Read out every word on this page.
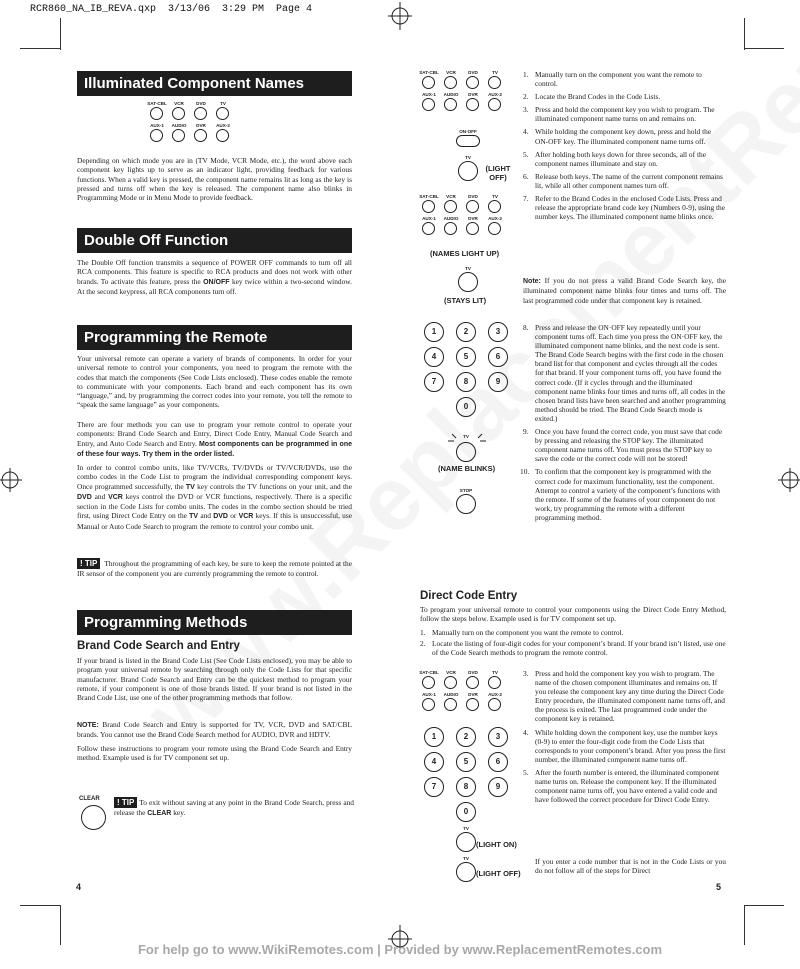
RCR860_NA_IB_REVA.qxp  3/13/06  3:29 PM  Page 4
Illuminated Component Names
SAT-CBL	VCR	DVD	TV
AUX-1	AUDIO	DVR	AUX-2

Depending on which mode you are in (TV Mode, VCR Mode, etc.), the word above each component key lights up to serve as an indicator light, providing feedback for various functions. When a valid key is pressed, the component name remains lit as long as the key is pressed and turns off when the key is released. The component name also blinks in Programming Mode or in Menu Mode to provide feedback.

Double Off Function

The Double Off function transmits a sequence of POWER OFF commands to turn off all RCA components. This feature is specific to RCA products and does not work with other brands. To activate this feature, press the ON/OFF key twice within a two-second window. At the second keypress, all RCA components turn off.

Programming the Remote

Your universal remote can operate a variety of brands of components. In order for your universal remote to control your components, you need to program the remote with the codes that match the components (See Code Lists enclosed). These codes enable the remote to communicate with your components. Each brand and each component has its own “language,” and, by programming the correct codes into your remote, you tell the remote to “speak the same language” as your components.

There are four methods you can use to program your remote control to operate your components: Brand Code Search and Entry, Direct Code Entry, Manual Code Search and Entry, and Auto Code Search and Entry. Most components can be programmed in one of these four ways. Try them in the order listed.

In order to control combo units, like TV/VCRs, TV/DVDs or TV/VCR/DVDs, use the combo codes in the Code List to program the individual corresponding component keys. Once programmed successfully, the TV key controls the TV functions on your unit, and the DVD and VCR keys control the DVD or VCR functions, respectively. There is a specific section in the Code Lists for combo units. The codes in the combo section should be tried first, using Direct Code Entry on the TV and DVD or VCR keys. If this is unsuccessful, use Manual or Auto Code Search to program the remote to control your combo unit.

! TIP Throughout the programming of each key, be sure to keep the remote pointed at the IR sensor of the component you are currently programming the remote to control.

Programming Methods
Brand Code Search and Entry

If your brand is listed in the Brand Code List (See Code Lists enclosed), you may be able to program your universal remote by searching through only the Code Lists for that specific manufacturer. Brand Code Search and Entry can be the quickest method to program your remote, if your component is one of those brands listed. If your brand is not listed in the Brand Code List, use one of the other programming methods that follow.

NOTE: Brand Code Search and Entry is supported for TV, VCR, DVD and SAT/CBL brands. You cannot use the Brand Code Search method for AUDIO, DVR and HDTV.

Follow these instructions to program your remote using the Brand Code Search and Entry method. Example used is for TV component set up.

CLEAR	! TIP To exit without saving at any point in the Brand Code Search, press and release the CLEAR key.

4
SAT-CBL	VCR	DVD	TV
AUX-1	AUDIO	DVR	AUX-2
ON-OFF
TV
(LIGHT OFF)
SAT-CBL	VCR	DVD	TV
AUX-1	AUDIO	DVR	AUX-2
(NAMES LIGHT UP)
TV
(STAYS LIT)
1. Manually turn on the component you want the remote to control.
2. Locate the Brand Codes in the Code Lists.
3. Press and hold the component key you wish to program. The illuminated component name turns on and remains on.
4. While holding the component key down, press and hold the ON-OFF key. The illuminated component name turns off.
5. After holding both keys down for three seconds, all of the component names illuminate and stay on.
6. Release both keys. The name of the current component remains lit, while all other component names turn off.
7. Refer to the Brand Codes in the enclosed Code Lists. Press and release the appropriate brand code key (Numbers 0-9), using the number keys. The illuminated component name blinks once.

Note: If you do not press a valid Brand Code Search key, the illuminated component name blinks four times and turns off. The last programmed code under that component key is retained.

1	2	3
4	5	6
7	8	9
0
TV
(NAME BLINKS)
STOP
8. Press and release the ON·OFF key repeatedly until your component turns off. Each time you press the ON·OFF key, the illuminated component name blinks, and the next code is sent. The Brand Code Search begins with the first code in the chosen brand list for that component and cycles through all the codes for that brand. If your component turns off, you have found the correct code. (If it cycles through and the illuminated component name blinks four times and turns off, all codes in the chosen brand lists have been searched and another programming method should be tried. The Brand Code Search mode is exited.)
9. Once you have found the correct code, you must save that code by pressing and releasing the STOP key. The illuminated component name turns off. You must press the STOP key to save the code or the correct code will not be stored!
10. To confirm that the component key is programmed with the correct code for maximum functionality, test the component. Attempt to control a variety of the component’s functions with the remote. If some of the features of your component do not work, try programming the remote with a different programming method.
Direct Code Entry

To program your universal remote to control your components using the Direct Code Entry Method, follow the steps below. Example used is for TV component set up.

1. Manually turn on the component you want the remote to control.
2. Locate the listing of four-digit codes for your component’s brand. If your brand isn’t listed, use one of the Code Search methods to program the remote control.
SAT-CBL	VCR	DVD	TV
AUX-1	AUDIO	DVR	AUX-2
1	2	3
4	5	6
7	8	9
0
TV
(LIGHT ON)
TV
(LIGHT OFF)
3. Press and hold the component key you wish to program. The name of the chosen component illuminates and remains on. If you release the component key any time during the Direct Code Entry procedure, the illuminated component name turns off, and the process is exited. The last programmed code under the component key is retained.
4. While holding down the component key, use the number keys (0-9) to enter the four-digit code from the Code Lists that corresponds to your component’s brand. After you press the first number, the illuminated component name turns off.
5. After the fourth number is entered, the illuminated component name turns on. Release the component key. If the illuminated component name turns off, you have entered a valid code and have followed the correct procedure for Direct Code Entry.

If you enter a code number that is not in the Code Lists or you do not follow all of the steps for Direct

5
For help go to www.WikiRemotes.com | Provided by www.ReplacementRemotes.com
